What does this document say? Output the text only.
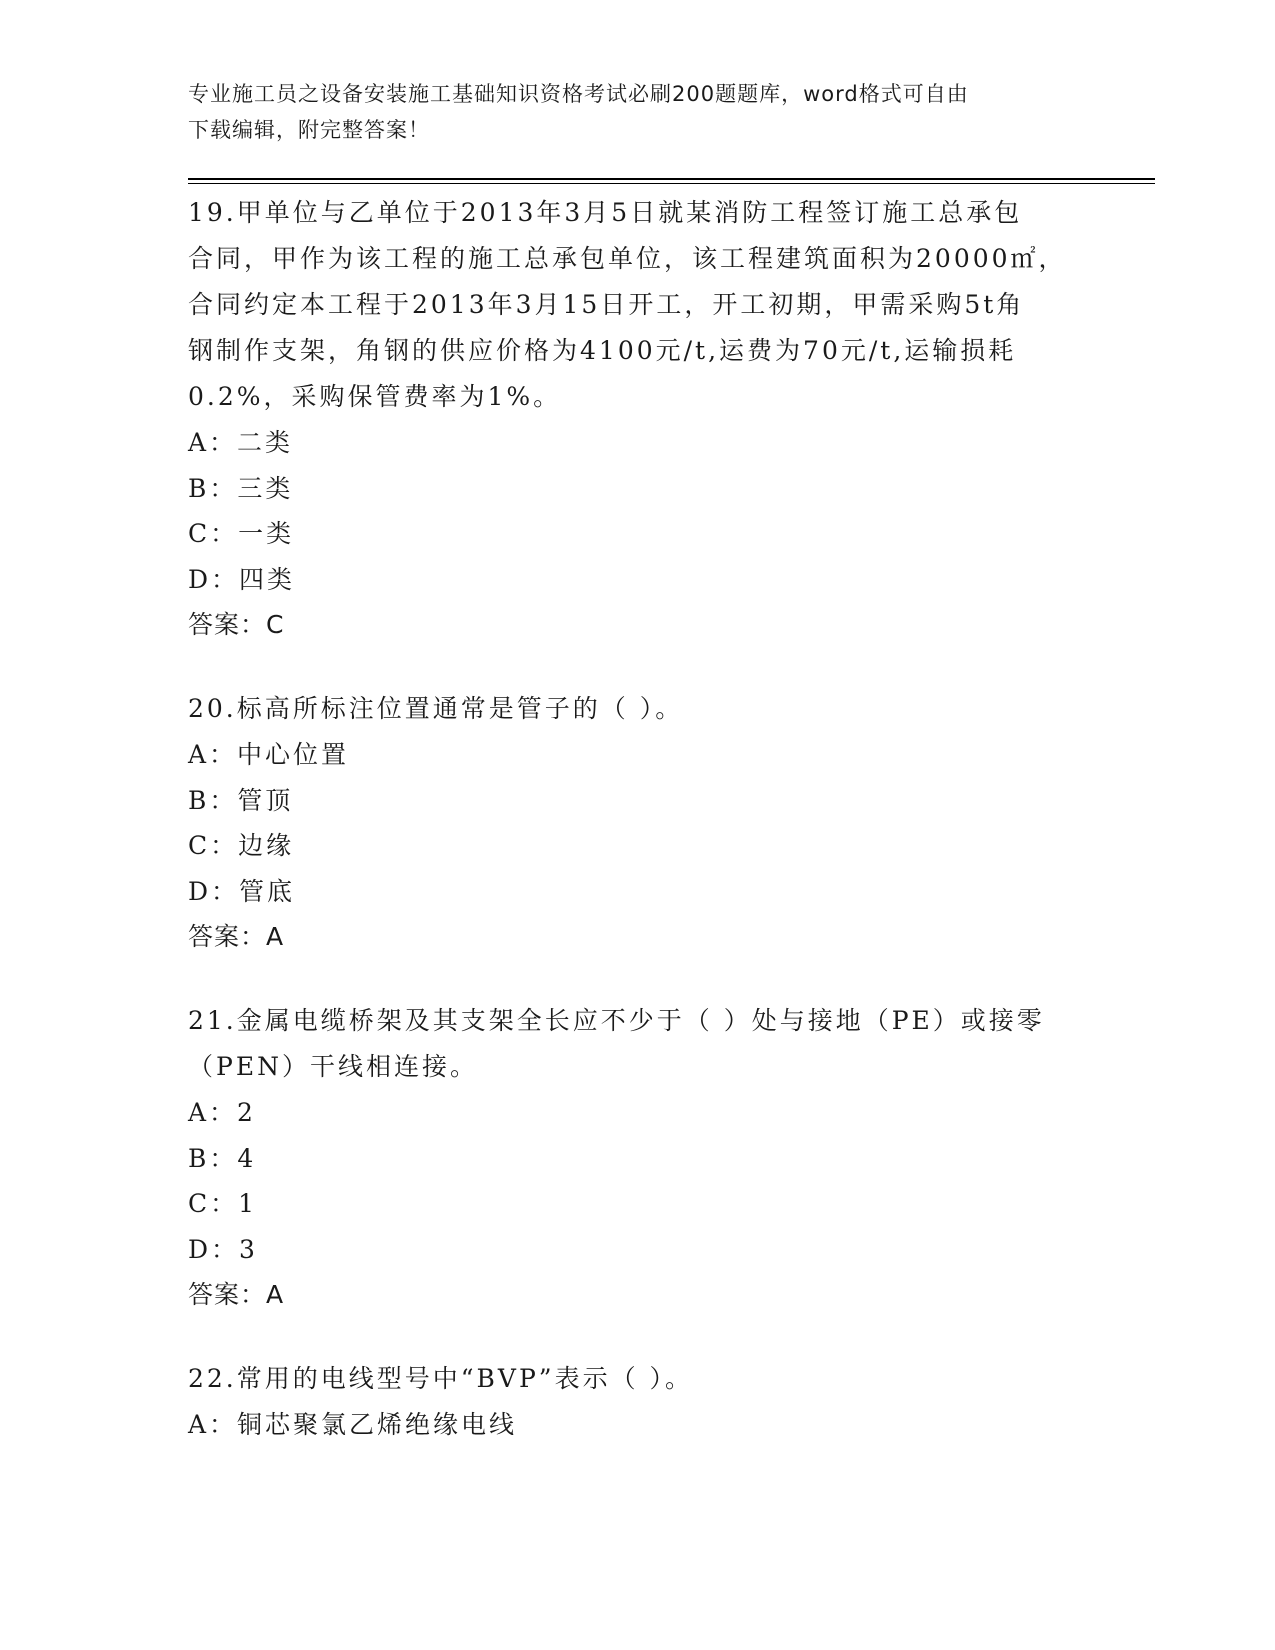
专业施工员之设备安装施工基础知识资格考试必刷200题题库，word格式可自由
下载编辑，附完整答案！
19.甲单位与乙单位于2013年3月5日就某消防工程签订施工总承包
合同，甲作为该工程的施工总承包单位，该工程建筑面积为20000㎡，
合同约定本工程于2013年3月15日开工，开工初期，甲需采购5t角
钢制作支架，角钢的供应价格为4100元/t,运费为70元/t,运输损耗
0.2%，采购保管费率为1%。
A：二类
B：三类
C：一类
D：四类
答案：C
20.标高所标注位置通常是管子的（ ）。
A：中心位置
B：管顶
C：边缘
D：管底
答案：A
21.金属电缆桥架及其支架全长应不少于（ ）处与接地（PE）或接零
（PEN）干线相连接。
A：2
B：4
C：1
D：3
答案：A
22.常用的电线型号中“BVP”表示（ ）。
A：铜芯聚氯乙烯绝缘电线
